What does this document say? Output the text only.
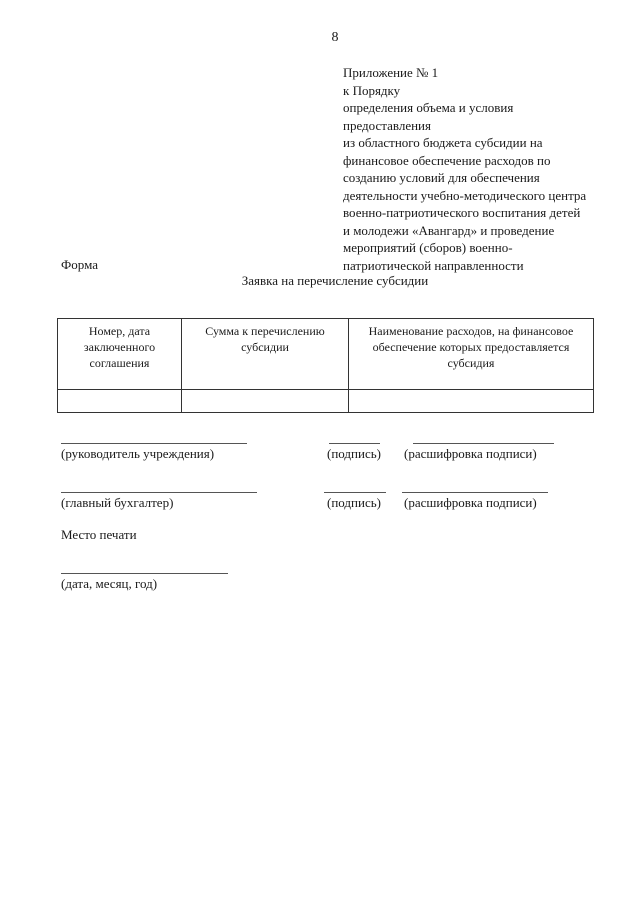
8
Приложение № 1
к Порядку
определения объема и условия
предоставления
из областного бюджета субсидии на
финансовое обеспечение расходов по
созданию условий для обеспечения
деятельности учебно-методического центра
военно-патриотического воспитания детей
и молодежи «Авангард» и проведение
мероприятий (сборов) военно-
патриотической направленности
Форма
Заявка на перечисление субсидии
Номер, дата заключенного соглашения	Сумма к перечислению субсидии	Наименование расходов, на финансовое обеспечение которых предоставляется субсидия

(руководитель учреждения)	(подпись) (расшифровка подписи)
(главный бухгалтер)	(подпись) (расшифровка подписи)
Место печати
(дата, месяц, год)
